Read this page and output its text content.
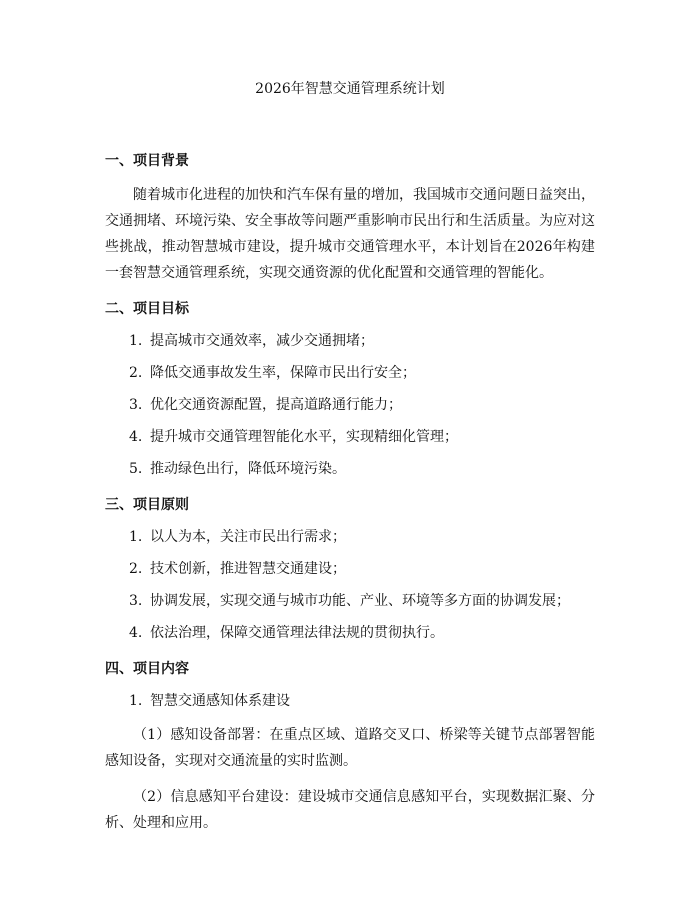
2026年智慧交通管理系统计划
一、项目背景

随着城市化进程的加快和汽车保有量的增加，我国城市交通问题日益突出，交通拥堵、环境污染、安全事故等问题严重影响市民出行和生活质量。为应对这些挑战，推动智慧城市建设，提升城市交通管理水平，本计划旨在2026年构建一套智慧交通管理系统，实现交通资源的优化配置和交通管理的智能化。

二、项目目标
1. 提高城市交通效率，减少交通拥堵；
2. 降低交通事故发生率，保障市民出行安全；
3. 优化交通资源配置，提高道路通行能力；
4. 提升城市交通管理智能化水平，实现精细化管理；
5. 推动绿色出行，降低环境污染。
三、项目原则
1. 以人为本，关注市民出行需求；
2. 技术创新，推进智慧交通建设；
3. 协调发展，实现交通与城市功能、产业、环境等多方面的协调发展；
4. 依法治理，保障交通管理法律法规的贯彻执行。
四、项目内容
1. 智慧交通感知体系建设

（1）感知设备部署：在重点区域、道路交叉口、桥梁等关键节点部署智能感知设备，实现对交通流量的实时监测。

（2）信息感知平台建设：建设城市交通信息感知平台，实现数据汇聚、分析、处理和应用。
